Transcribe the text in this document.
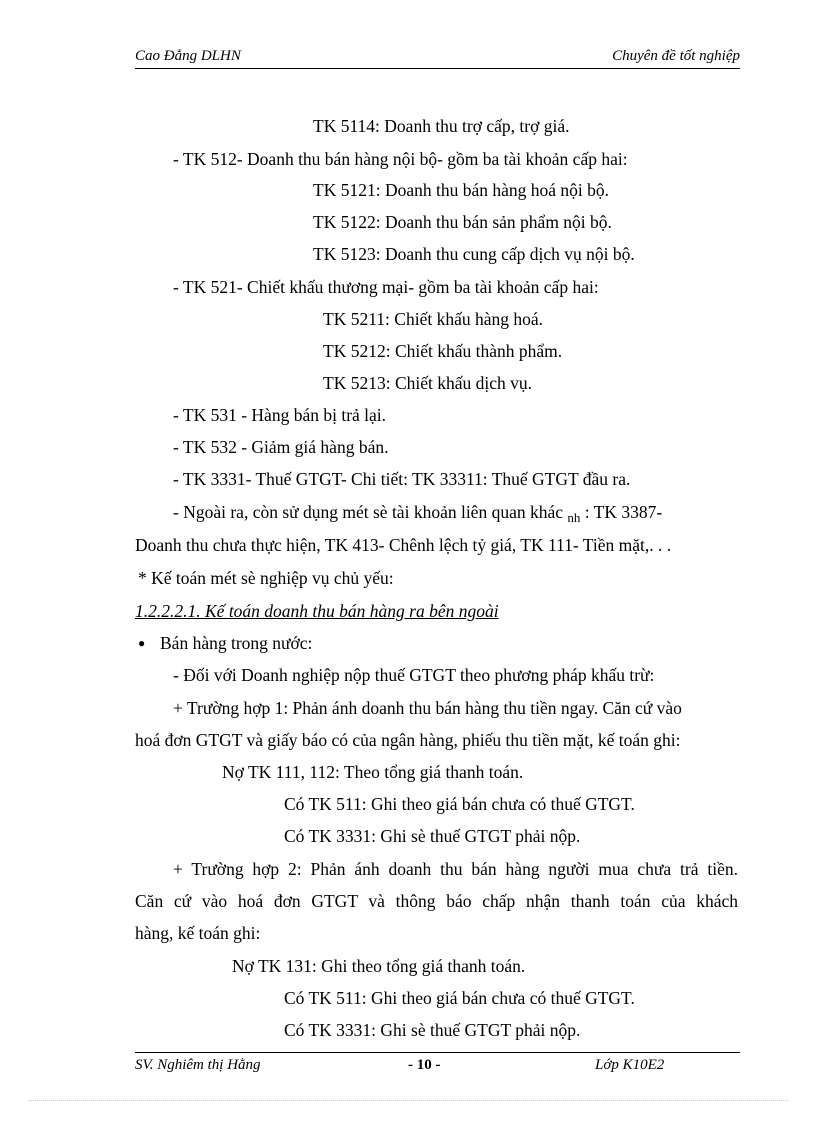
Cao Đẳng DLHN	Chuyên đề tốt nghiệp
TK 5114: Doanh thu trợ cấp, trợ giá.
- TK 512- Doanh thu bán hàng nội bộ- gồm ba tài khoản cấp hai:
TK 5121: Doanh thu bán hàng hoá nội bộ.
TK 5122: Doanh thu bán sản phẩm nội bộ.
TK 5123: Doanh thu cung cấp dịch vụ nội bộ.
- TK 521- Chiết khấu thương mại- gồm ba tài khoản cấp hai:
TK 5211: Chiết khấu hàng hoá.
TK 5212: Chiết khấu thành phẩm.
TK 5213: Chiết khấu dịch vụ.
- TK 531 - Hàng bán bị trả lại.
- TK 532 - Giảm giá hàng bán.
- TK 3331- Thuế GTGT- Chi tiết: TK 33311: Thuế GTGT đầu ra.
- Ngoài ra, còn sử dụng mét sè tài khoản liên quan khác $_{nh}$ : TK 3387-
Doanh thu chưa thực hiện, TK 413- Chênh lệch tỷ giá, TK 111- Tiền mặt,. . .
* Kế toán mét sè nghiệp vụ chủ yếu:
1.2.2.2.1. Kế toán doanh thu bán hàng ra bên ngoài
● Bán hàng trong nước:
- Đối với Doanh nghiệp nộp thuế GTGT theo phương pháp khấu trừ:
+ Trường hợp 1: Phản ánh doanh thu bán hàng thu tiền ngay. Căn cứ vào
hoá đơn GTGT và giấy báo có của ngân hàng, phiếu thu tiền mặt, kế toán ghi:
Nợ TK 111, 112: Theo tổng giá thanh toán.
Có TK 511: Ghi theo giá bán chưa có thuế GTGT.
Có TK 3331: Ghi sè thuế GTGT phải nộp.
+ Trường hợp 2: Phản ánh doanh thu bán hàng người mua chưa trả tiền.
Căn cứ vào hoá đơn GTGT và thông báo chấp nhận thanh toán của khách
hàng, kế toán ghi:
Nợ TK 131: Ghi theo tổng giá thanh toán.
Có TK 511: Ghi theo giá bán chưa có thuế GTGT.
Có TK 3331: Ghi sè thuế GTGT phải nộp.
SV. Nghiêm thị Hằng	- 10 -	Lớp K10E2
